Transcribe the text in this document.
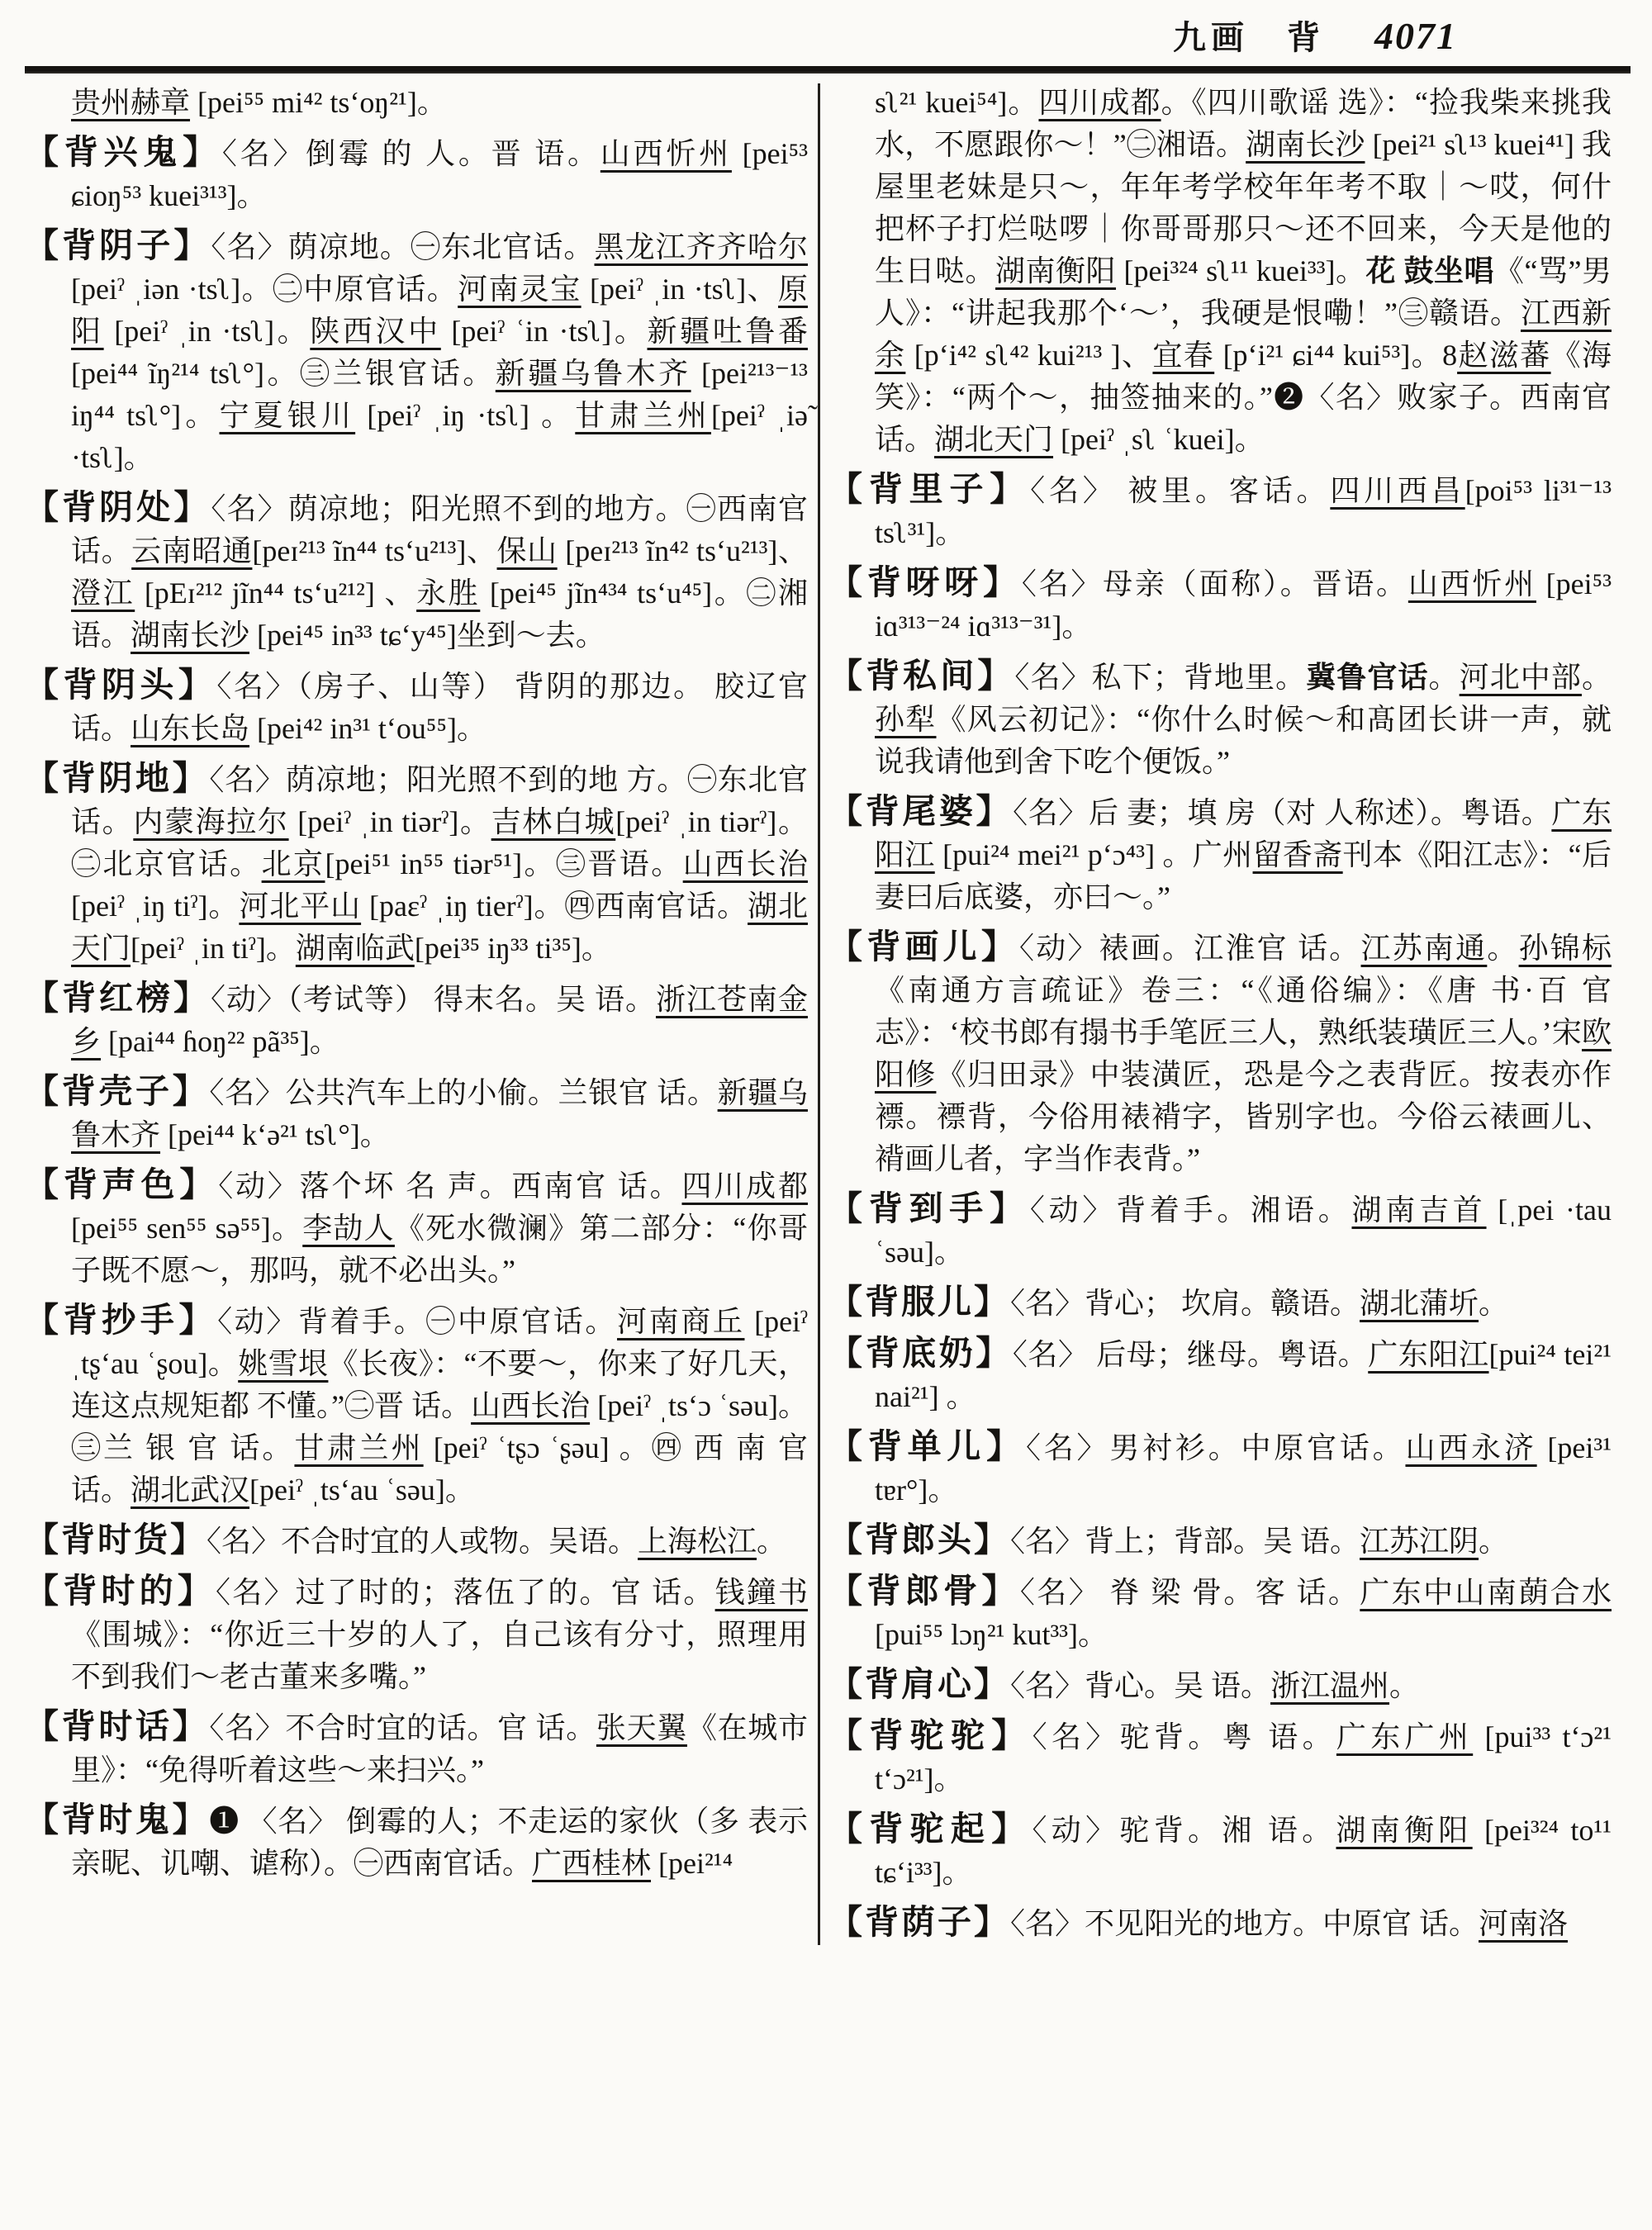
九画 背 4071

贵州赫章 [pei⁵⁵ mi⁴² tsʻoŋ²¹]。

【背兴鬼】〈名〉倒霉 的 人。晋 语。山西忻州 [pei⁵³ ɕioŋ⁵³ kuei³¹³]。

【背阴子】〈名〉荫凉地。㊀东北官话。黑龙江齐齐哈尔 [peiˀ ˌiən ·tsʅ]。㊁中原官话。河南灵宝 [peiˀ ˌin ·tsʅ]、原阳 [peiˀ ˌin ·tsʅ]。陕西汉中 [peiˀ ʿin ·tsʅ]。新疆吐鲁番 [pei⁴⁴ ĩŋ²¹⁴ tsʅ°]。㊂兰银官话。新疆乌鲁木齐 [pei²¹³⁻¹³ iŋ⁴⁴ tsʅ°]。宁夏银川 [peiˀ ˌiŋ ·tsʅ] 。甘肃兰州[peiˀ ˌiə̃ ·tsʅ]。

【背阴处】〈名〉荫凉地；阳光照不到的地方。㊀西南官话。云南昭通[peɪ²¹³ ĩn⁴⁴ tsʻu²¹³]、保山 [peɪ²¹³ ĩn⁴² tsʻu²¹³]、澄江 [pEɪ²¹² jĩn⁴⁴ tsʻu²¹²] 、永胜 [pei⁴⁵ jĩn⁴³⁴ tsʻu⁴⁵]。㊁湘语。湖南长沙 [pei⁴⁵ in³³ tɕʻy⁴⁵]坐到～去。

【背阴头】〈名〉（房子、山等） 背阴的那边。 胶辽官话。山东长岛 [pei⁴² in³¹ tʻou⁵⁵]。

【背阴地】〈名〉荫凉地；阳光照不到的地 方。㊀东北官话。内蒙海拉尔 [peiˀ ˌin tiərˀ]。吉林白城[peiˀ ˌin tiərˀ]。㊁北京官话。北京[pei⁵¹ in⁵⁵ tiər⁵¹]。㊂晋语。山西长治 [peiˀ ˌiŋ tiˀ]。河北平山 [paɛˀ ˌiŋ tierˀ]。㊃西南官话。湖北天门[peiˀ ˌin tiˀ]。湖南临武[pei³⁵ iŋ³³ ti³⁵]。

【背红榜】〈动〉（考试等） 得末名。吴 语。浙江苍南金乡 [pai⁴⁴ ɦoŋ²² pã³⁵]。

【背壳子】〈名〉公共汽车上的小偷。兰银官 话。新疆乌鲁木齐 [pei⁴⁴ kʻə²¹ tsʅ°]。

【背声色】〈动〉落个坏 名 声。西南官 话。四川成都[pei⁵⁵ sen⁵⁵ sə⁵⁵]。李劼人《死水微澜》第二部分：“你哥子既不愿～，那吗，就不必出头。”

【背抄手】〈动〉背着手。㊀中原官话。河南商丘 [peiˀ ˌtʂʻau ʿʂou]。姚雪垠《长夜》：“不要～，你来了好几天，连这点规矩都 不懂。”㊁晋 话。山西长治 [peiˀ ˌtsʻɔ ʿsəu]。㊂兰 银 官 话。甘肃兰州 [peiˀ ʿtʂɔ ʿʂəu] 。㊃ 西 南 官 话。湖北武汉[peiˀ ˌtsʻau ʿsəu]。

【背时货】〈名〉不合时宜的人或物。吴语。上海松江。

【背时的】〈名〉过了时的；落伍了的。官 话。钱鐘书《围城》：“你近三十岁的人了，自己该有分寸，照理用不到我们～老古董来多嘴。”

【背时话】〈名〉不合时宜的话。官 话。张天翼《在城市里》：“免得听着这些～来扫兴。”

【背时鬼】❶ 〈名〉 倒霉的人；不走运的家伙（多 表示亲昵、讥嘲、谑称）。㊀西南官话。广西桂林 [pei²¹⁴

sʅ²¹ kuei⁵⁴]。四川成都。《四川歌谣 选》：“捡我柴来挑我水，不愿跟你～！”㊁湘语。湖南长沙 [pei²¹ sʅ¹³ kuei⁴¹] 我屋里老妹是只～，年年考学校年年考不取｜～哎，何什把杯子打烂哒啰｜你哥哥那只～还不回来，今天是他的生日哒。湖南衡阳 [pei³²⁴ sʅ¹¹ kuei³³]。花 鼓坐唱《“骂”男人》：“讲起我那个‘～’，我硬是恨嘞！”㊂赣语。江西新余 [pʻi⁴² sʅ⁴² kui²¹³ ]、宜春 [pʻi²¹ ɕi⁴⁴ kui⁵³]。8赵滋蕃《海笑》：“两个～，抽签抽来的。”❷〈名〉败家子。西南官话。湖北天门 [peiˀ ˌsʅ ʿkuei]。

【背里子】〈名〉 被里。客话。四川西昌[poi⁵³ li³¹⁻¹³ tsʅ³¹]。

【背呀呀】〈名〉母亲（面称）。晋语。山西忻州 [pei⁵³ iɑ³¹³⁻²⁴ iɑ³¹³⁻³¹]。

【背私间】〈名〉私下；背地里。冀鲁官话。河北中部。孙犁《风云初记》：“你什么时候～和髙团长讲一声，就说我请他到舍下吃个便饭。”

【背尾婆】〈名〉后 妻；填 房（对 人称述）。粤语。广东阳江 [pui²⁴ mei²¹ pʻɔ⁴³] 。广州留香斋刊本《阳江志》：“后妻曰后底婆，亦曰～。”

【背画儿】〈动〉裱画。江淮官 话。江苏南通。孙锦标《南通方言疏证》卷三：“《通俗编》：《唐 书·百 官志》：‘校书郎有搨书手笔匠三人，熟纸装璜匠三人。’宋欧阳修《归田录》中装潢匠，恐是今之表背匠。按表亦作褾。褾背，今俗用裱褙字，皆别字也。今俗云裱画儿、褙画儿者，字当作表背。”

【背到手】〈动〉背着手。湘语。湖南吉首 [ˌpei ·tau ʿsəu]。

【背服儿】〈名〉背心； 坎肩。赣语。湖北蒲圻。

【背底奶】〈名〉 后母；继母。粤语。广东阳江[pui²⁴ tei²¹ nai²¹] 。

【背单儿】〈名〉男衬衫。中原官话。山西永济 [pei³¹ tɐr°]。

【背郎头】〈名〉背上；背部。吴 语。江苏江阴。

【背郎骨】〈名〉 脊 梁 骨。客 话。广东中山南蓢合水 [pui⁵⁵ lɔŋ²¹ kut³³]。

【背肩心】〈名〉背心。吴 语。浙江温州。

【背驼驼】〈名〉驼背。粤 语。广东广州 [pui³³ tʻɔ²¹ tʻɔ²¹]。

【背驼起】〈动〉驼背。湘 语。湖南衡阳 [pei³²⁴ to¹¹ tɕʻi³³]。

【背荫子】〈名〉不见阳光的地方。中原官 话。河南洛
